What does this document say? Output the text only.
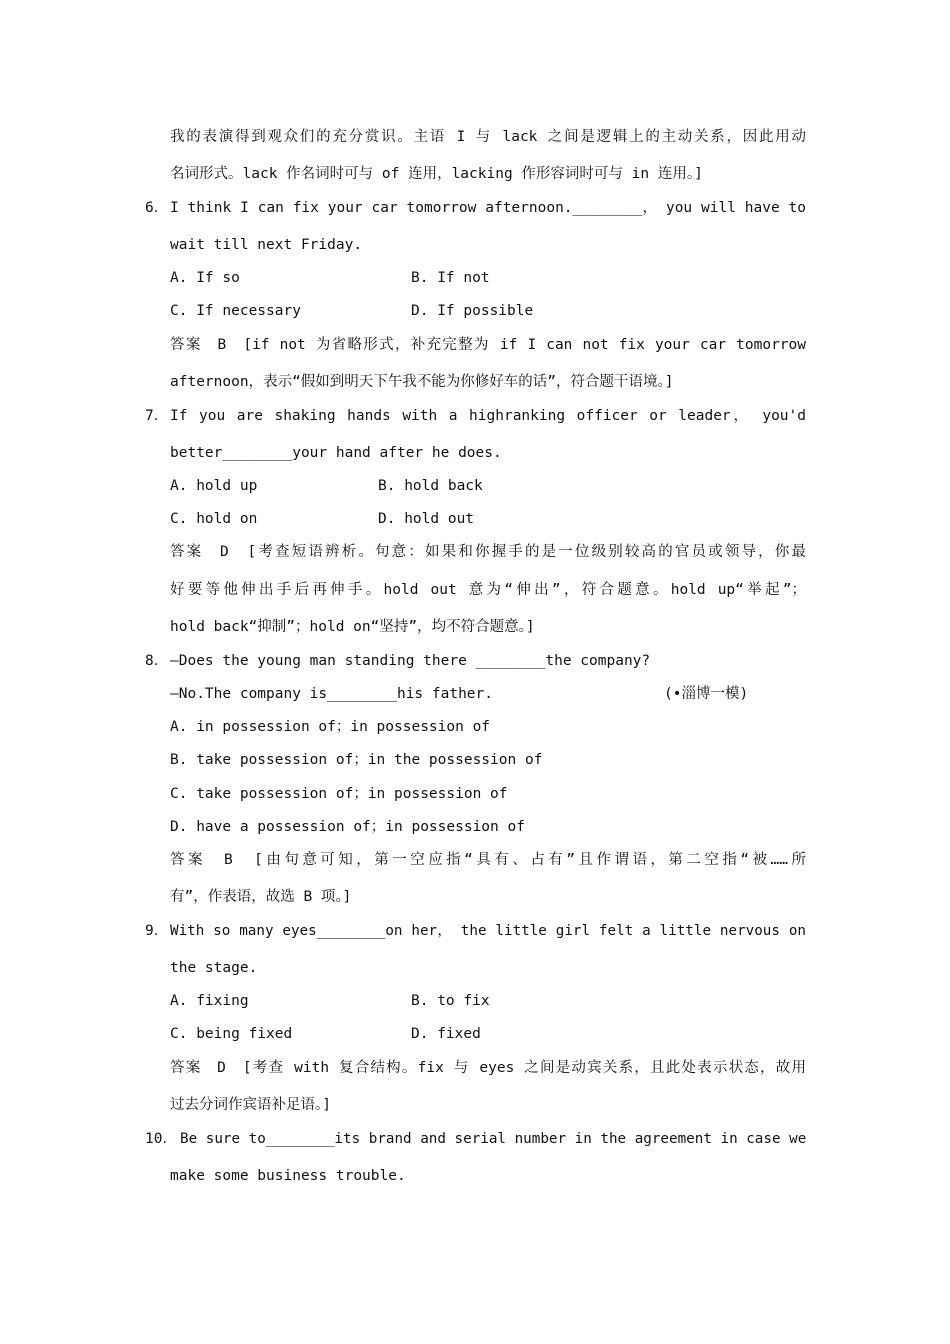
我的表演得到观众们的充分赏识。主语 I 与 lack 之间是逻辑上的主动关系，因此用动
名词形式。lack 作名词时可与 of 连用，lacking 作形容词时可与 in 连用。]
6． I think I can fix your car tomorrow afternoon.________， you will have to
wait till next Friday.
A. If so	B. If not
C. If necessary	D. If possible
答案　B　[if not 为省略形式，补充完整为 if I can not fix your car tomorrow
afternoon，表示“假如到明天下午我不能为你修好车的话”，符合题干语境。]
7． If you are shaking hands with a highranking officer or leader， you'd
better________your hand after he does.
A. hold up	B. hold back
C. hold on	D. hold out
答案　D　[考查短语辨析。句意：如果和你握手的是一位级别较高的官员或领导，你最
好要等他伸出手后再伸手。hold out 意为“伸出”，符合题意。hold up“举起”；
hold back“抑制”；hold on“坚持”，均不符合题意。]
8． —Does the young man standing there ________the company?
—No.The company is________his father.	(•淄博一模)
A. in possession of；in possession of
B. take possession of；in the possession of
C. take possession of；in possession of
D. have a possession of；in possession of
答案　B　[由句意可知，第一空应指“具有、占有”且作谓语，第二空指“被……所
有”，作表语，故选 B 项。]
9． With so many eyes________on her， the little girl felt a little nervous on
the stage.
A. fixing	B. to fix
C. being fixed	D. fixed
答案　D　[考查 with 复合结构。fix 与 eyes 之间是动宾关系，且此处表示状态，故用
过去分词作宾语补足语。]
10． Be sure to________its brand and serial number in the agreement in case we
make some business trouble.
